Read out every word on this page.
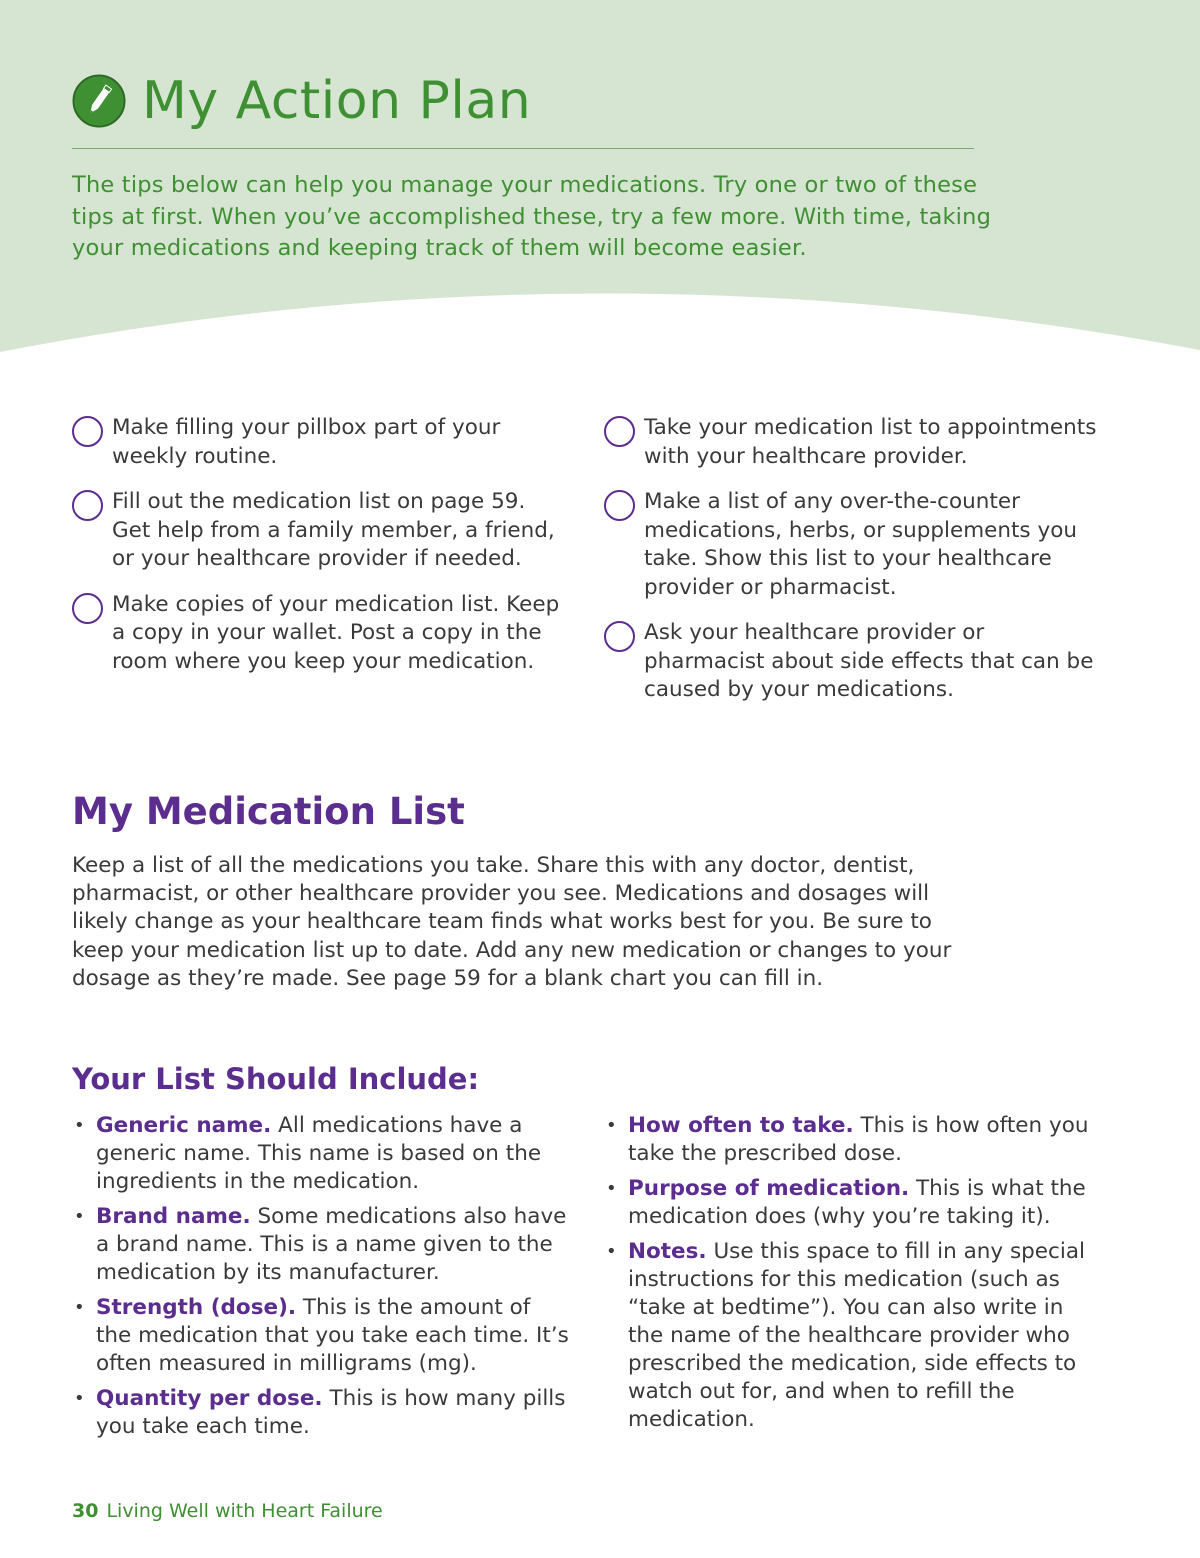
My Action Plan

The tips below can help you manage your medications. Try one or two of these tips at first. When you’ve accomplished these, try a few more. With time, taking your medications and keeping track of them will become easier.

Make filling your pillbox part of your weekly routine.
Fill out the medication list on page 59. Get help from a family member, a friend, or your healthcare provider if needed.
Make copies of your medication list. Keep a copy in your wallet. Post a copy in the room where you keep your medication.
Take your medication list to appointments with your healthcare provider.
Make a list of any over-the-counter medications, herbs, or supplements you take. Show this list to your healthcare provider or pharmacist.
Ask your healthcare provider or pharmacist about side effects that can be caused by your medications.
My Medication List

Keep a list of all the medications you take. Share this with any doctor, dentist, pharmacist, or other healthcare provider you see. Medications and dosages will likely change as your healthcare team finds what works best for you. Be sure to keep your medication list up to date. Add any new medication or changes to your dosage as they’re made. See page 59 for a blank chart you can fill in.

Your List Should Include:
• Generic name. All medications have a generic name. This name is based on the ingredients in the medication.
• Brand name. Some medications also have a brand name. This is a name given to the medication by its manufacturer.
• Strength (dose). This is the amount of the medication that you take each time. It’s often measured in milligrams (mg).
• Quantity per dose. This is how many pills you take each time.
• How often to take. This is how often you take the prescribed dose.
• Purpose of medication. This is what the medication does (why you’re taking it).
• Notes. Use this space to fill in any special instructions for this medication (such as “take at bedtime”). You can also write in the name of the healthcare provider who prescribed the medication, side effects to watch out for, and when to refill the medication.
30 Living Well with Heart Failure
